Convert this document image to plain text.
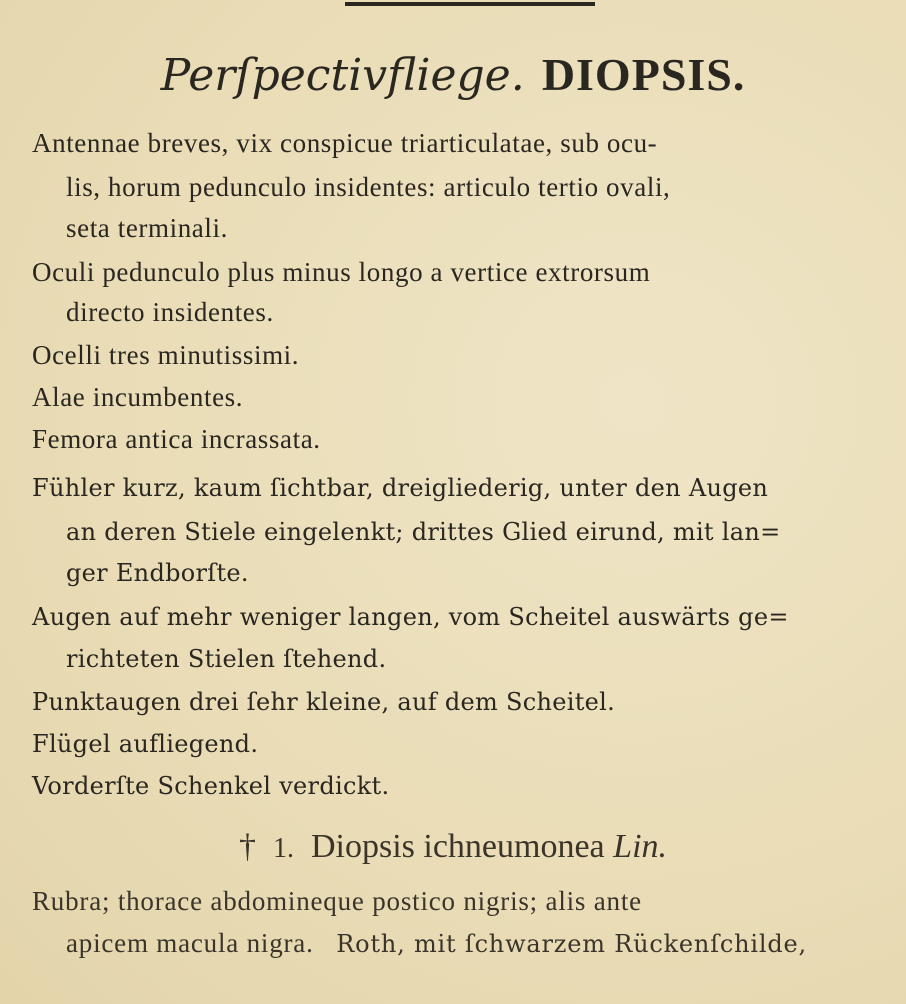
Perſpectivfliege. DIOPSIS.
Antennae breves, vix conspicue triarticulatae, sub ocu-
lis, horum pedunculo insidentes: articulo tertio ovali,
seta terminali.
Oculi pedunculo plus minus longo a vertice extrorsum
directo insidentes.
Ocelli tres minutissimi.
Alae incumbentes.
Femora antica incrassata.
Fühler kurz, kaum ſichtbar, dreigliederig, unter den Augen
an deren Stiele eingelenkt; drittes Glied eirund, mit lan=
ger Endborſte.
Augen auf mehr weniger langen, vom Scheitel auswärts ge=
richteten Stielen ſtehend.
Punktaugen drei ſehr kleine, auf dem Scheitel.
Flügel aufliegend.
Vorderſte Schenkel verdickt.
† 1. Diopsis ichneumonea Lin.
Rubra; thorace abdomineque postico nigris; alis ante
apicem macula nigra. Roth, mit ſchwarzem Rückenſchilde,
